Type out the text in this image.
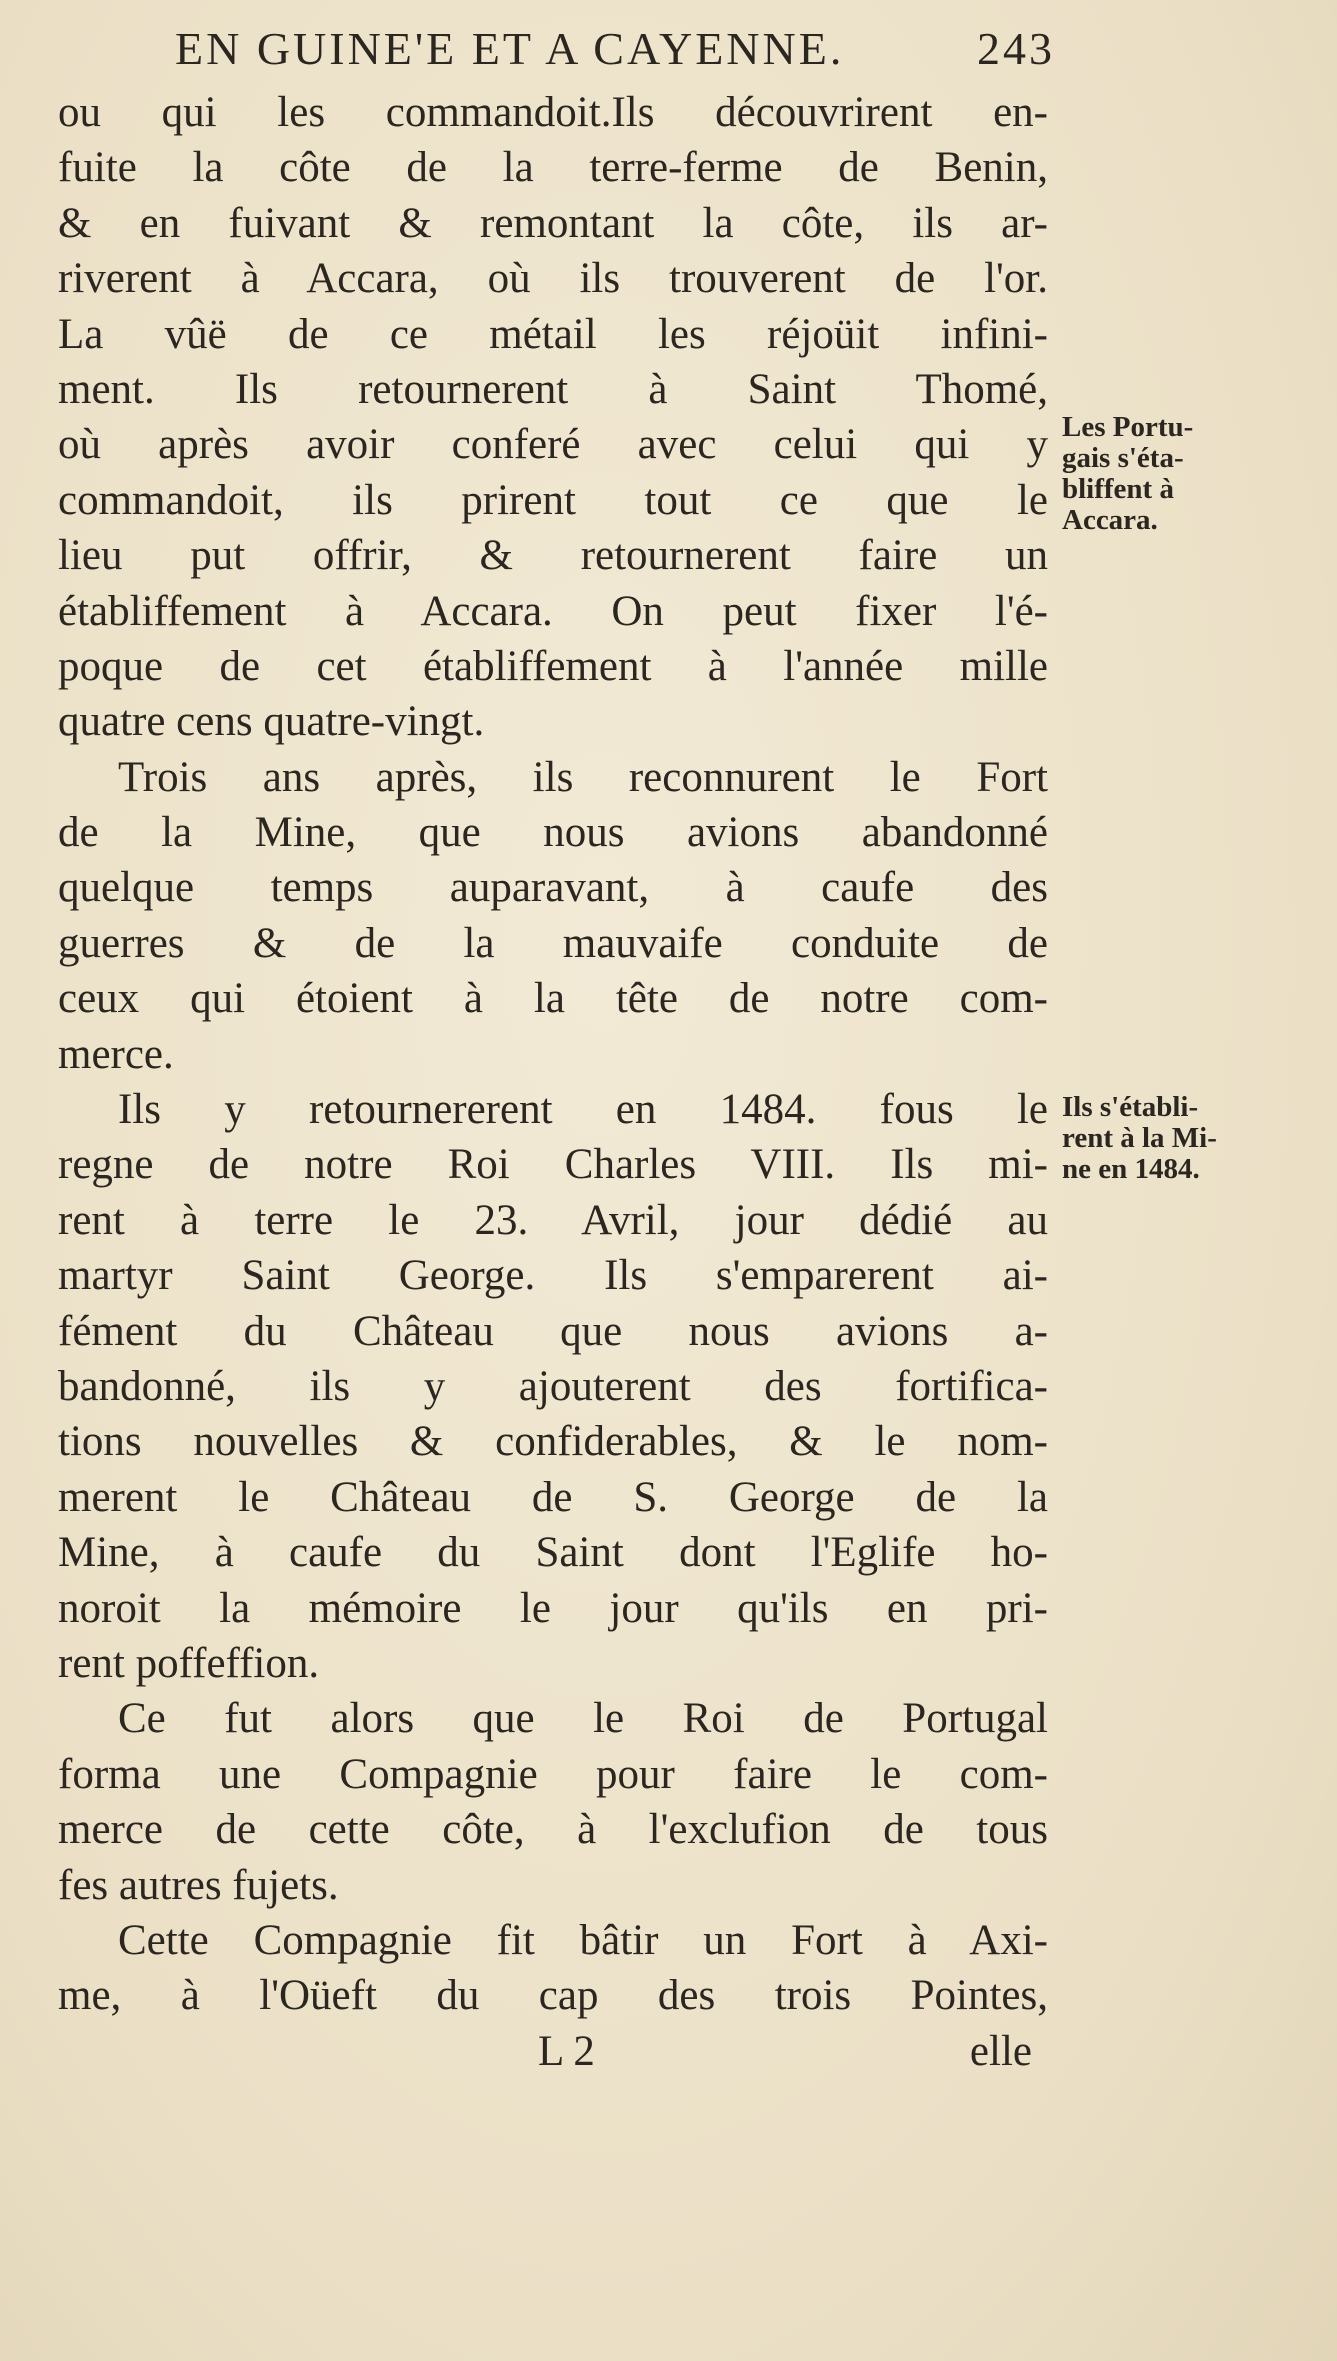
EN GUINE'E ET A CAYENNE.	243
ou qui les commandoit.Ils découvrirent en-
fuite la côte de la terre-ferme de Benin,
& en fuivant & remontant la côte, ils ar-
riverent à Accara, où ils trouverent de l'or.
La vûë de ce métail les réjoüit infini-
ment. Ils retournerent à Saint Thomé,
où après avoir conferé avec celui qui y
commandoit, ils prirent tout ce que le
lieu put offrir, & retournerent faire un
établiffement à Accara. On peut fixer l'é-
poque de cet établiffement à l'année mille
quatre cens quatre-vingt.
Trois ans après, ils reconnurent le Fort
de la Mine, que nous avions abandonné
quelque temps auparavant, à caufe des
guerres & de la mauvaife conduite de
ceux qui étoient à la tête de notre com-
merce.
Ils y retournererent en 1484. fous le
regne de notre Roi Charles VIII. Ils mi-
rent à terre le 23. Avril, jour dédié au
martyr Saint George. Ils s'emparerent ai-
fément du Château que nous avions a-
bandonné, ils y ajouterent des fortifica-
tions nouvelles & confiderables, & le nom-
merent le Château de S. George de la
Mine, à caufe du Saint dont l'Eglife ho-
noroit la mémoire le jour qu'ils en pri-
rent poffeffion.
Ce fut alors que le Roi de Portugal
forma une Compagnie pour faire le com-
merce de cette côte, à l'exclufion de tous
fes autres fujets.
Cette Compagnie fit bâtir un Fort à Axi-
me, à l'Oüeft du cap des trois Pointes,
Les Portu-
gais s'éta-
bliffent à
Accara.
Ils s'établi-
rent à la Mi-
ne en 1484.
L 2	elle
